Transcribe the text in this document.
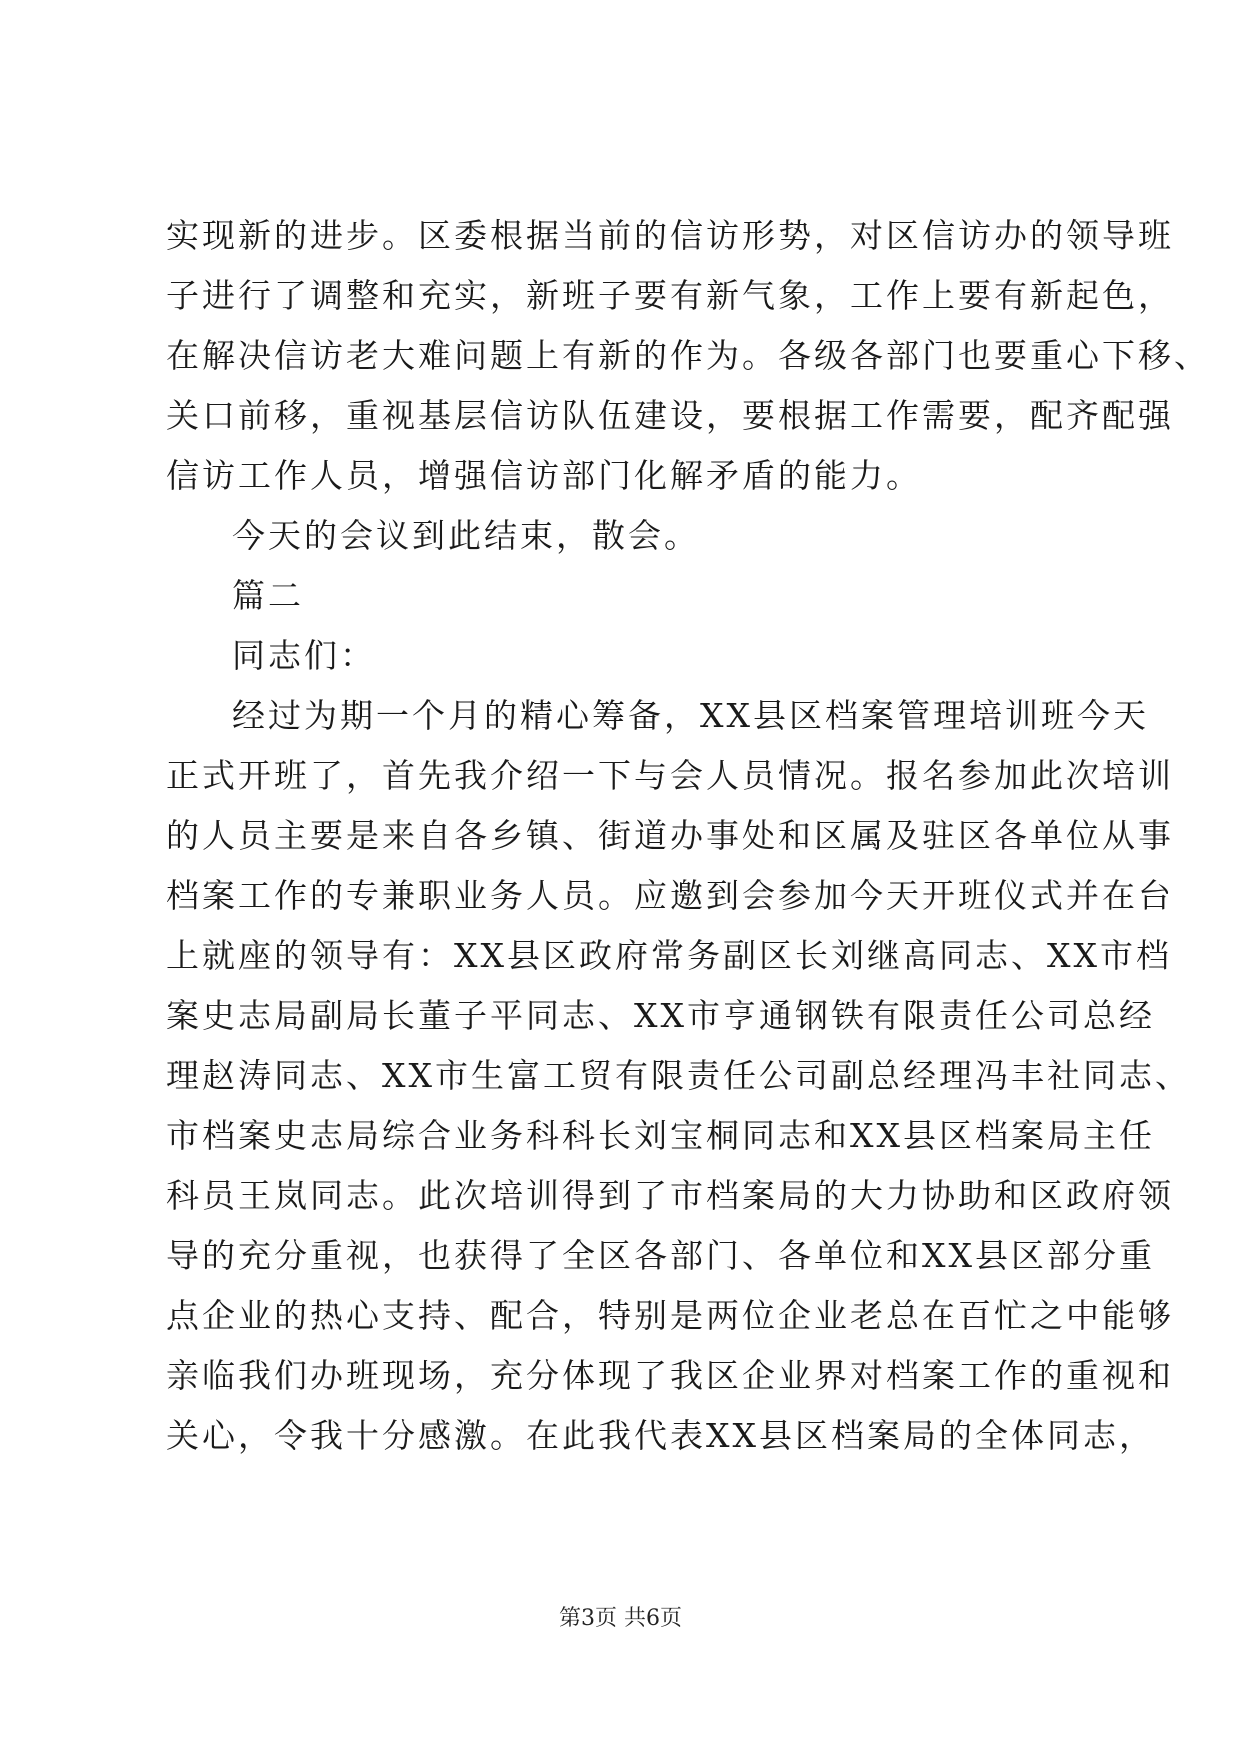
实现新的进步。区委根据当前的信访形势，对区信访办的领导班
子进行了调整和充实，新班子要有新气象，工作上要有新起色，
在解决信访老大难问题上有新的作为。各级各部门也要重心下移、
关口前移，重视基层信访队伍建设，要根据工作需要，配齐配强
信访工作人员，增强信访部门化解矛盾的能力。
今天的会议到此结束，散会。
篇二
同志们：
经过为期一个月的精心筹备，XX县区档案管理培训班今天
正式开班了，首先我介绍一下与会人员情况。报名参加此次培训
的人员主要是来自各乡镇、街道办事处和区属及驻区各单位从事
档案工作的专兼职业务人员。应邀到会参加今天开班仪式并在台
上就座的领导有：XX县区政府常务副区长刘继高同志、XX市档
案史志局副局长董子平同志、XX市亨通钢铁有限责任公司总经
理赵涛同志、XX市生富工贸有限责任公司副总经理冯丰社同志、
市档案史志局综合业务科科长刘宝桐同志和XX县区档案局主任
科员王岚同志。此次培训得到了市档案局的大力协助和区政府领
导的充分重视，也获得了全区各部门、各单位和XX县区部分重
点企业的热心支持、配合，特别是两位企业老总在百忙之中能够
亲临我们办班现场，充分体现了我区企业界对档案工作的重视和
关心，令我十分感激。在此我代表XX县区档案局的全体同志，
第3页 共6页
